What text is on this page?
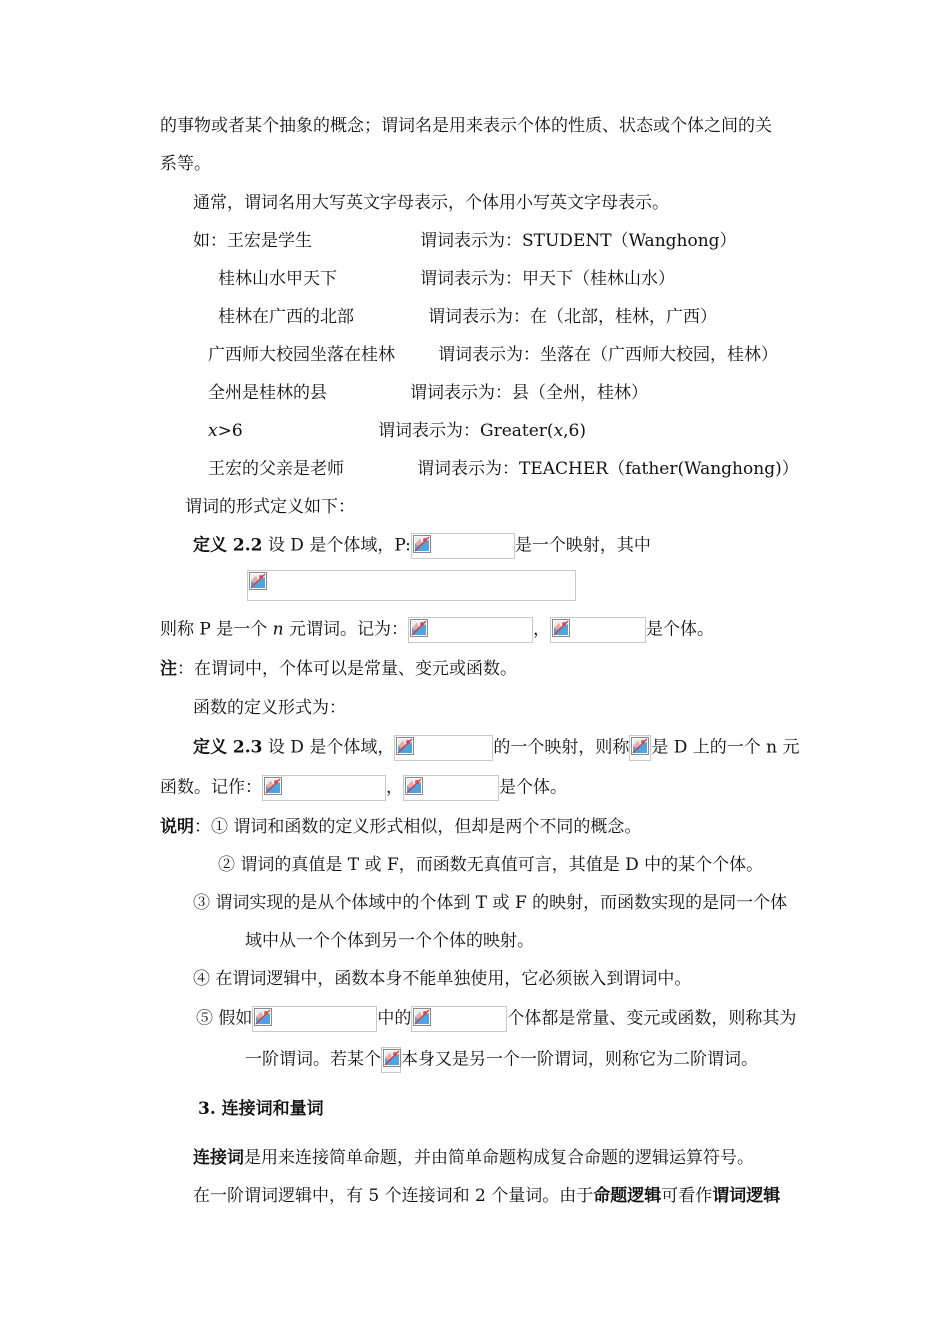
的事物或者某个抽象的概念；谓词名是用来表示个体的性质、状态或个体之间的关
系等。
通常，谓词名用大写英文字母表示，个体用小写英文字母表示。
如：王宏是学生	谓词表示为：STUDENT（Wanghong）
桂林山水甲天下	谓词表示为：甲天下（桂林山水）
桂林在广西的北部	谓词表示为：在（北部，桂林，广西）
广西师大校园坐落在桂林	谓词表示为：坐落在（广西师大校园，桂林）
全州是桂林的县	谓词表示为：县（全州，桂林）
x>6	谓词表示为：Greater(x,6)
王宏的父亲是老师	谓词表示为：TEACHER（father(Wanghong)）
谓词的形式定义如下：
定义 2.2 设 D 是个体域，P:	是一个映射，其中
则称 P 是一个 n 元谓词。记为：	，	是个体。
注：在谓词中，个体可以是常量、变元或函数。
函数的定义形式为：
定义 2.3 设 D 是个体域，	的一个映射，则称 是 D 上的一个 n 元
函数。记作：	，	是个体。
说明：① 谓词和函数的定义形式相似，但却是两个不同的概念。
② 谓词的真值是 T 或 F，而函数无真值可言，其值是 D 中的某个个体。
③ 谓词实现的是从个体域中的个体到 T 或 F 的映射，而函数实现的是同一个体
域中从一个个体到另一个个体的映射。
④ 在谓词逻辑中，函数本身不能单独使用，它必须嵌入到谓词中。
⑤ 假如	中的	个体都是常量、变元或函数，则称其为
一阶谓词。若某个 本身又是另一个一阶谓词，则称它为二阶谓词。
3. 连接词和量词
连接词是用来连接简单命题，并由简单命题构成复合命题的逻辑运算符号。
在一阶谓词逻辑中，有 5 个连接词和 2 个量词。由于命题逻辑可看作谓词逻辑
